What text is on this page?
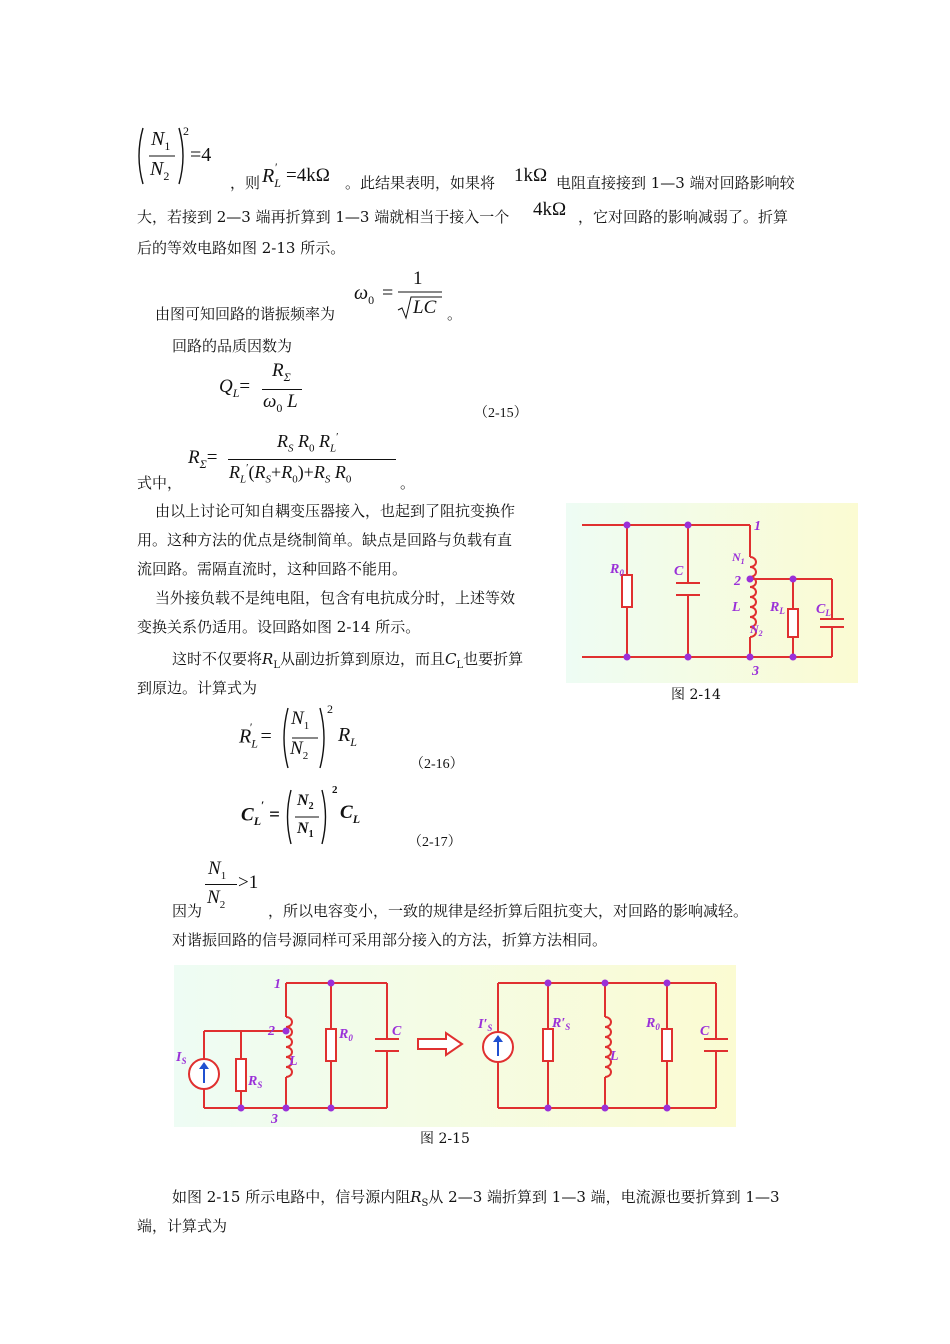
$N_1$
$N_2$
2
=4
，则 $R_L$
′ =4kΩ 。此结果表明，如果将 1kΩ 电阻直接接到 1—3 端对回路影响较
大，若接到 2—3 端再折算到 1—3 端就相当于接入一个 4kΩ ，它对回路的影响减弱了。折算
后的等效电路如图 2-13 所示。
由图可知回路的谐振频率为
$\omega_0$ =
1
LC 。
回路的品质因数为
$Q_L=$
$R_\Sigma$
$\omega_0$ L
（2-15）
式中，
$R_\Sigma=$
$R_S$ $R_0$ $R_L'$
$R_L'(R_S+R_0)+R_S$ $R_0$	。
由以上讨论可知自耦变压器接入，也起到了阻抗变换作
用。这种方法的优点是绕制简单。缺点是回路与负载有直
流回路。需隔直流时，这种回路不能用。
当外接负载不是纯电阻，包含有电抗成分时，上述等效
变换关系仍适用。设回路如图 2-14 所示。
这时不仅要将$R_L$从副边折算到原边，而且$C_L$也要折算
到原边。计算式为
1
2
3
$R_0$	C
L
$N_1$
$N_2$
$R_L$ $C_L$
图 2-14
$R_L'$ =
$N_1$
$N_2$
2
$R_L$
（2-16）
$C_L'$ =
$N_2$
$N_1$
2
$C_L$
（2-17）
$N_1$
$N_2$
>1
因为	，所以电容变小，一致的规律是经折算后阻抗变大，对回路的影响减轻。
对谐振回路的信号源同样可采用部分接入的方法，折算方法相同。
1
2
3
$I_S$
$R_S$
L
$R_0$	C	$I'_S$	$R'_S$
L
$R_0$	C
图 2-15
如图 2-15 所示电路中，信号源内阻$R_S$从 2—3 端折算到 1—3 端，电流源也要折算到 1—3
端，计算式为
